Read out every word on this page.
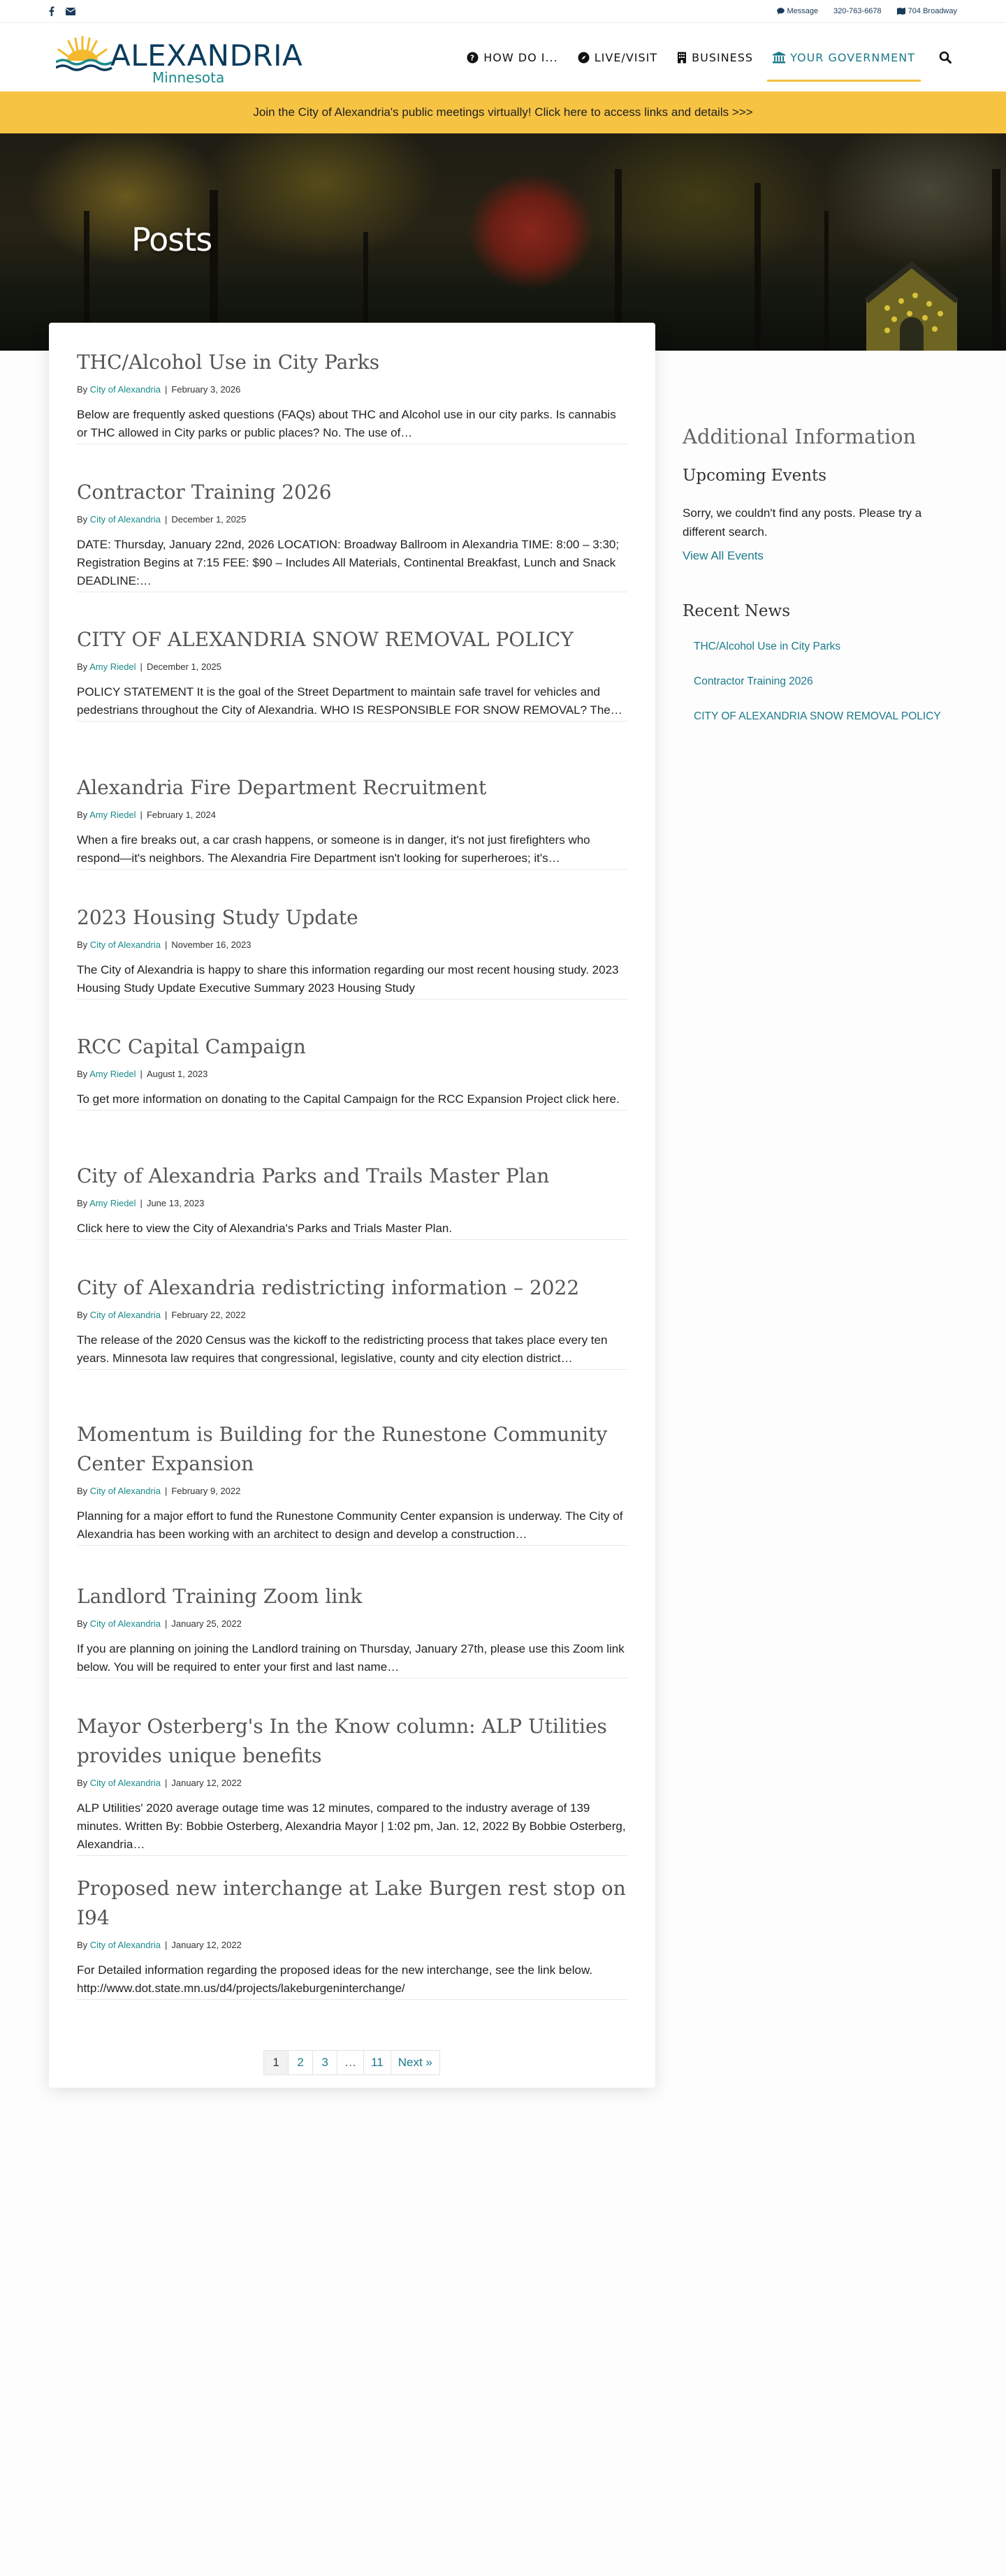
Message 320-763-6678	704 Broadway
ALEXANDRIA
Minnesota
? HOW DO I...	LIVE/VISIT	BUSINESS	YOUR GOVERNMENT
Join the City of Alexandria's public meetings virtually! Click here to access links and details >>>
Posts
THC/Alcohol Use in City Parks
By City of Alexandria | February 3, 2026

Below are frequently asked questions (FAQs) about THC and Alcohol use in our city parks. Is cannabis or THC allowed in City parks or public places? No. The use of…

Contractor Training 2026
By City of Alexandria | December 1, 2025

DATE: Thursday, January 22nd, 2026 LOCATION: Broadway Ballroom in Alexandria TIME: 8:00 – 3:30; Registration Begins at 7:15 FEE: $90 – Includes All Materials, Continental Breakfast, Lunch and Snack DEADLINE:…

CITY OF ALEXANDRIA SNOW REMOVAL POLICY
By Amy Riedel | December 1, 2025

POLICY STATEMENT It is the goal of the Street Department to maintain safe travel for vehicles and pedestrians throughout the City of Alexandria. WHO IS RESPONSIBLE FOR SNOW REMOVAL? The…

Alexandria Fire Department Recruitment
By Amy Riedel | February 1, 2024

When a fire breaks out, a car crash happens, or someone is in danger, it's not just firefighters who respond—it's neighbors. The Alexandria Fire Department isn't looking for superheroes; it's…

2023 Housing Study Update
By City of Alexandria | November 16, 2023

The City of Alexandria is happy to share this information regarding our most recent housing study. 2023 Housing Study Update Executive Summary 2023 Housing Study

RCC Capital Campaign
By Amy Riedel | August 1, 2023

To get more information on donating to the Capital Campaign for the RCC Expansion Project click here.

City of Alexandria Parks and Trails Master Plan
By Amy Riedel | June 13, 2023

Click here to view the City of Alexandria's Parks and Trials Master Plan.

City of Alexandria redistricting information – 2022
By City of Alexandria | February 22, 2022

The release of the 2020 Census was the kickoff to the redistricting process that takes place every ten years. Minnesota law requires that congressional, legislative, county and city election district…

Momentum is Building for the Runestone Community Center Expansion
By City of Alexandria | February 9, 2022

Planning for a major effort to fund the Runestone Community Center expansion is underway. The City of Alexandria has been working with an architect to design and develop a construction…

Landlord Training Zoom link
By City of Alexandria | January 25, 2022

If you are planning on joining the Landlord training on Thursday, January 27th, please use this Zoom link below. You will be required to enter your first and last name…

Mayor Osterberg's In the Know column: ALP Utilities provides unique benefits
By City of Alexandria | January 12, 2022

ALP Utilities' 2020 average outage time was 12 minutes, compared to the industry average of 139 minutes. Written By: Bobbie Osterberg, Alexandria Mayor | 1:02 pm, Jan. 12, 2022 By Bobbie Osterberg, Alexandria…

Proposed new interchange at Lake Burgen rest stop on I94
By City of Alexandria | January 12, 2022

For Detailed information regarding the proposed ideas for the new interchange, see the link below. http://www.dot.state.mn.us/d4/projects/lakeburgeninterchange/

1	2	3	…	11	Next »
Additional Information
Upcoming Events

Sorry, we couldn't find any posts. Please try a different search.

View All Events
Recent News
THC/Alcohol Use in City Parks
Contractor Training 2026
CITY OF ALEXANDRIA SNOW REMOVAL POLICY
